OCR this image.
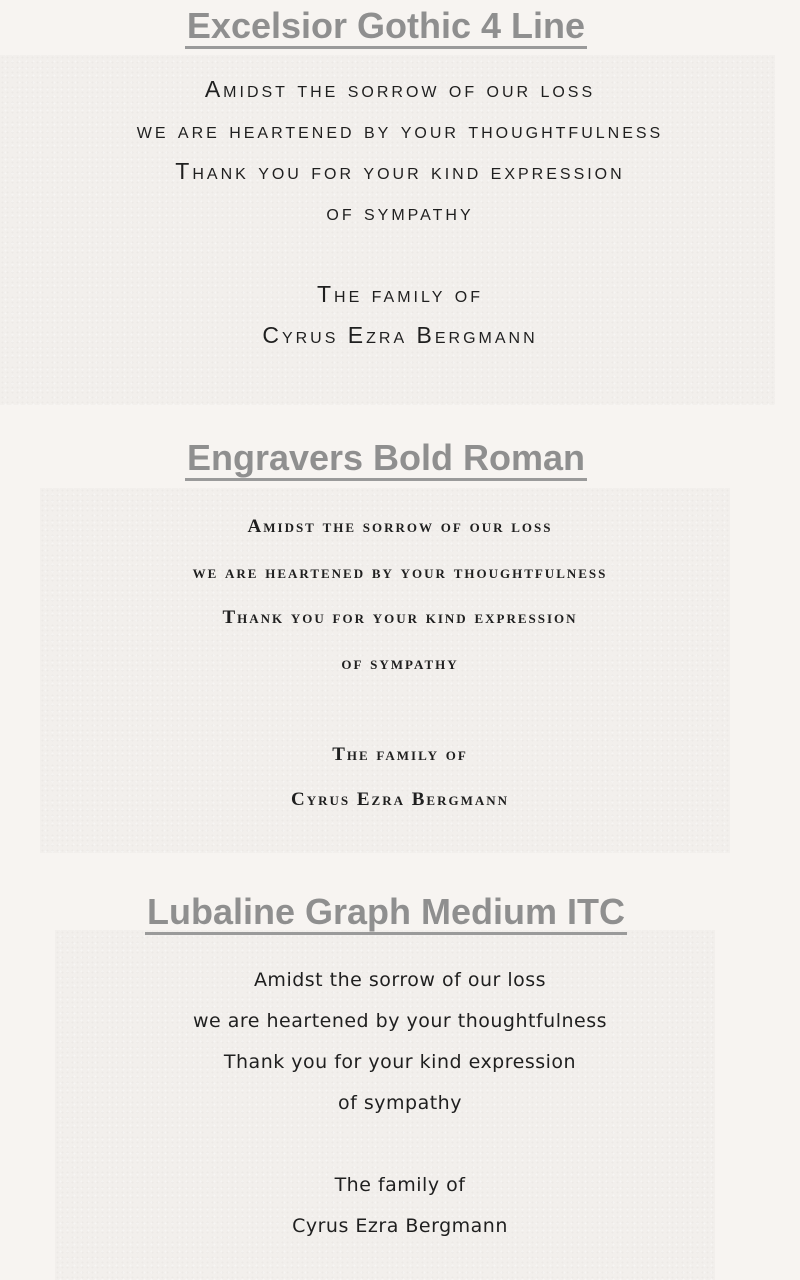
Excelsior Gothic 4 Line
Amidst the sorrow of our loss
we are heartened by your thoughtfulness
Thank you for your kind expression
of sympathy
The family of
Cyrus Ezra Bergmann
Engravers Bold Roman
Amidst the sorrow of our loss
we are heartened by your thoughtfulness
Thank you for your kind expression
of sympathy
The family of
Cyrus Ezra Bergmann
Lubaline Graph Medium ITC
Amidst the sorrow of our loss
we are heartened by your thoughtfulness
Thank you for your kind expression
of sympathy
The family of
Cyrus Ezra Bergmann
